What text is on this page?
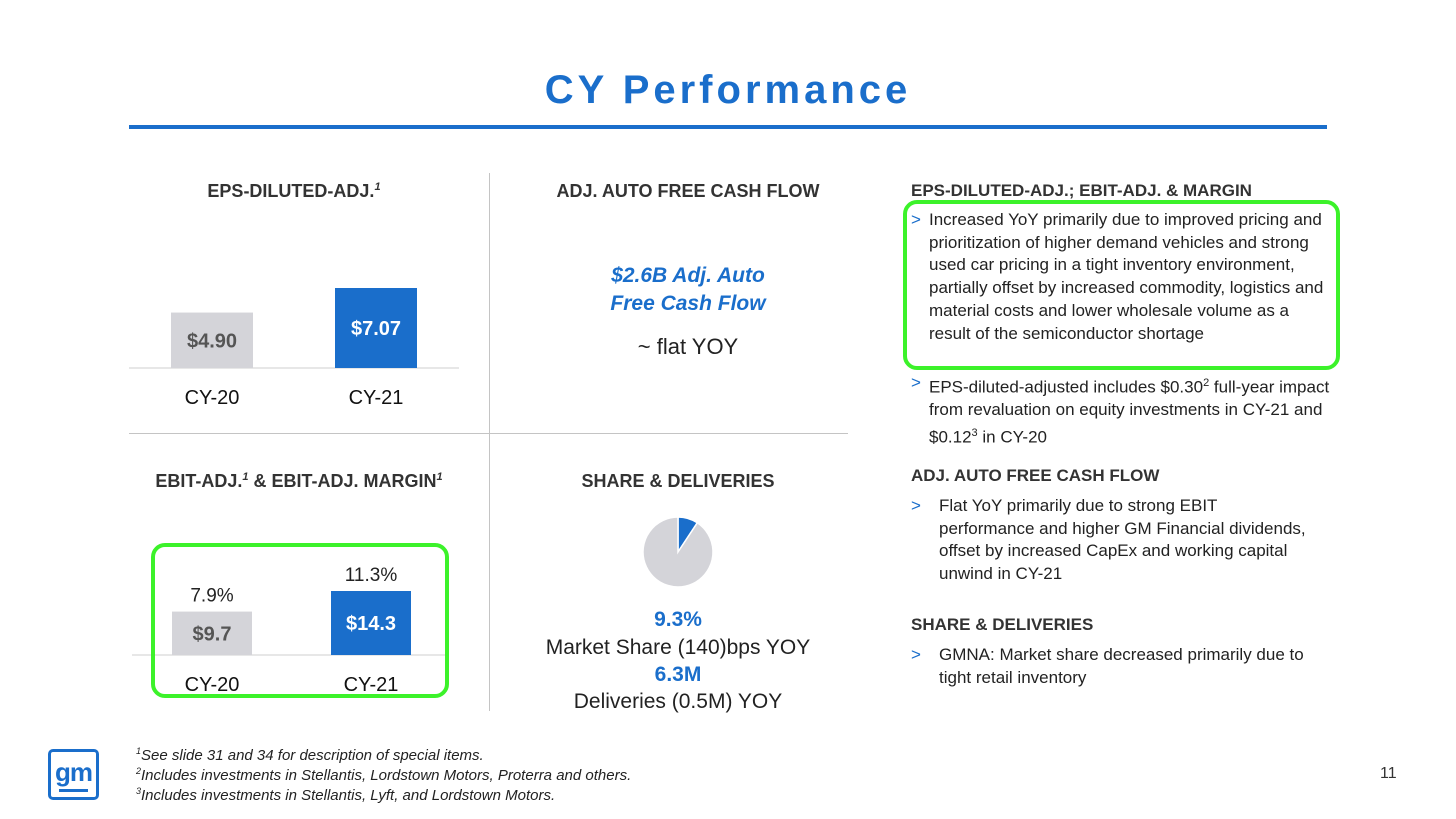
CY Performance
EPS-DILUTED-ADJ.$^1$	ADJ. AUTO FREE CASH FLOW
$2.6B Adj. Auto
Free Cash Flow
~ flat YOY
EBIT-ADJ.$^1$ & EBIT-ADJ. MARGIN$^1$	SHARE & DELIVERIES
9.3%
Market Share (140)bps YOY
6.3M
Deliveries (0.5M) YOY
$4.90
CY-20
$7.07
CY-21
$9.7
CY-20
7.9%
$14.3
CY-21
11.3%
EPS-DILUTED-ADJ.; EBIT-ADJ. & MARGIN
> Increased YoY primarily due to improved pricing and prioritization of higher demand vehicles and strong used car pricing in a tight inventory environment, partially offset by increased commodity, logistics and material costs and lower wholesale volume as a result of the semiconductor shortage
> EPS-diluted-adjusted includes $0.30$^2$ full-year impact from revaluation on equity investments in CY-21 and $0.12$^3$ in CY-20
ADJ. AUTO FREE CASH FLOW
> Flat YoY primarily due to strong EBIT performance and higher GM Financial dividends, offset by increased CapEx and working capital unwind in CY-21
SHARE & DELIVERIES
> GMNA: Market share decreased primarily due to tight retail inventory
gm
$^1$See slide 31 and 34 for description of special items.
$^2$Includes investments in Stellantis, Lordstown Motors, Proterra and others.
$^3$Includes investments in Stellantis, Lyft, and Lordstown Motors.
11
